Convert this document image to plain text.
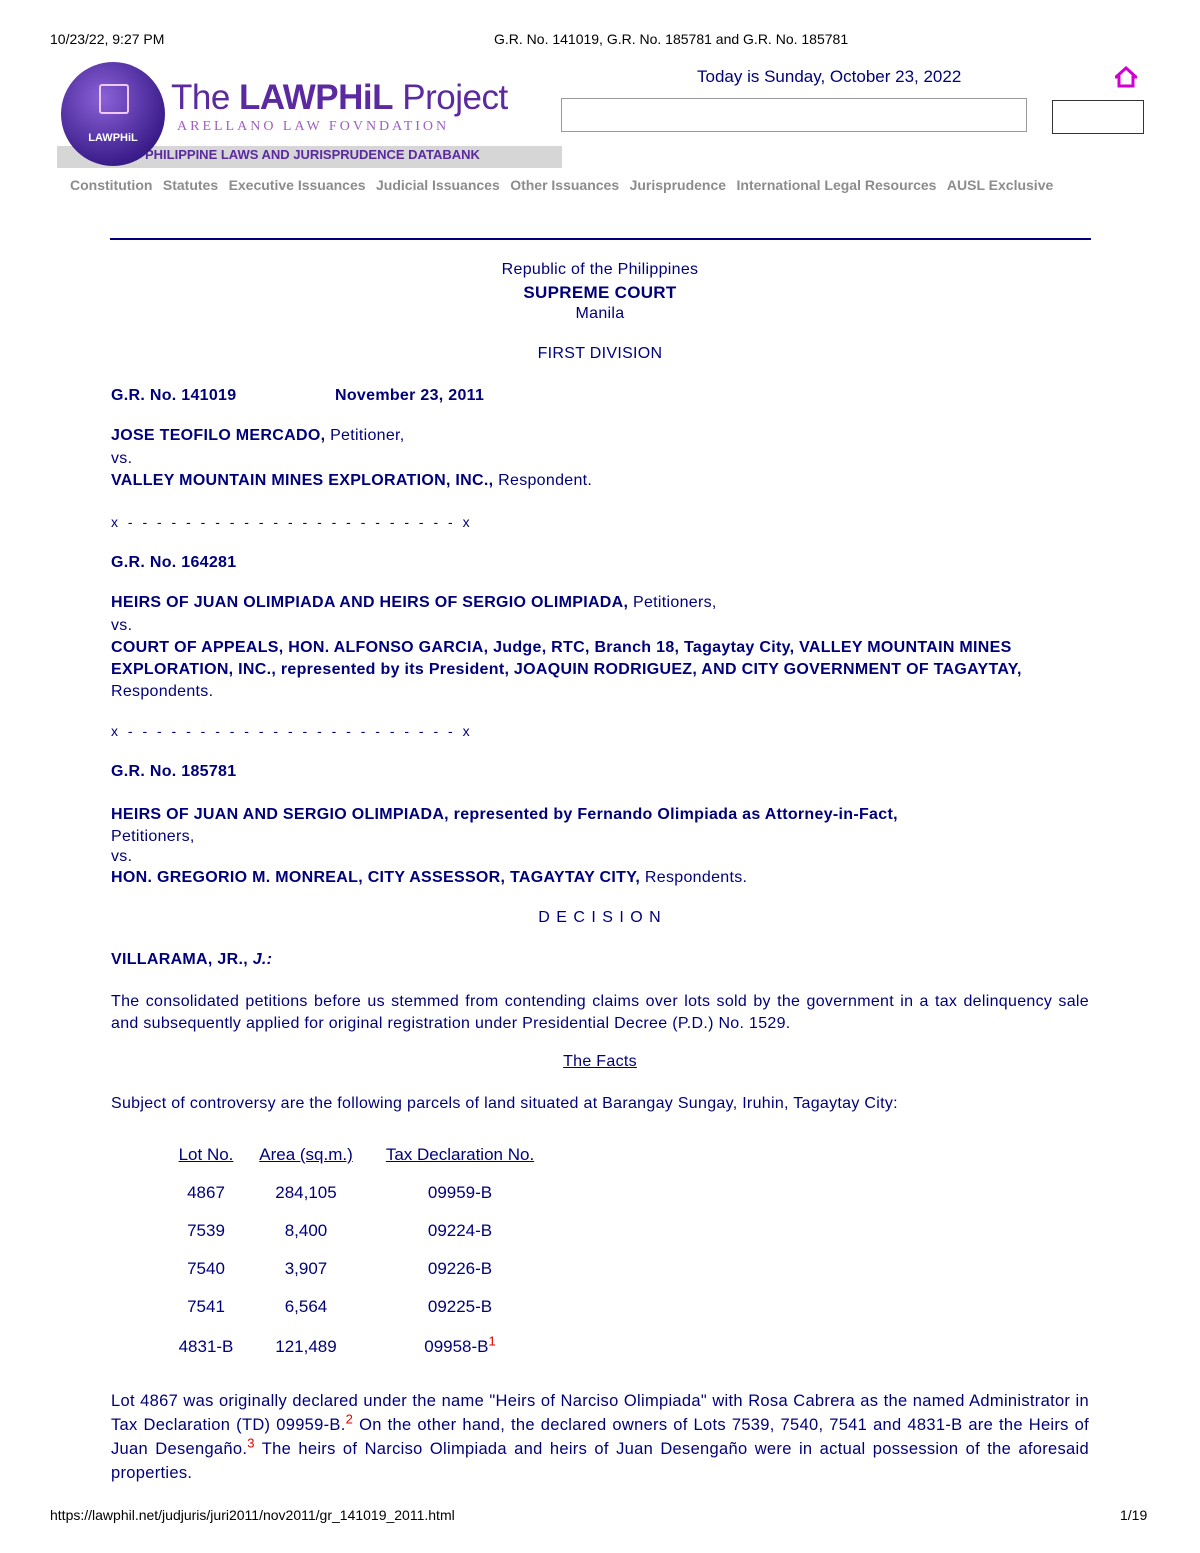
10/23/22, 9:27 PM	G.R. No. 141019, G.R. No. 185781 and G.R. No. 185781
PHILIPPINE LAWS AND JURISPRUDENCE DATABANK
LAWPHiL
The LAWPHiL Project
ARELLANO LAW FOVNDATION
Today is Sunday, October 23, 2022
Constitution Statutes Executive Issuances Judicial Issuances Other Issuances Jurisprudence International Legal Resources AUSL Exclusive
Republic of the Philippines
SUPREME COURT
Manila
FIRST DIVISION
G.R. No. 141019	November 23, 2011
JOSE TEOFILO MERCADO, Petitioner,
vs.
VALLEY MOUNTAIN MINES EXPLORATION, INC., Respondent.
x - - - - - - - - - - - - - - - - - - - - - - - x
G.R. No. 164281
HEIRS OF JUAN OLIMPIADA AND HEIRS OF SERGIO OLIMPIADA, Petitioners,
vs.
COURT OF APPEALS, HON. ALFONSO GARCIA, Judge, RTC, Branch 18, Tagaytay City, VALLEY MOUNTAIN MINES EXPLORATION, INC., represented by its President, JOAQUIN RODRIGUEZ, AND CITY GOVERNMENT OF TAGAYTAY, Respondents.
x - - - - - - - - - - - - - - - - - - - - - - - x
G.R. No. 185781
HEIRS OF JUAN AND SERGIO OLIMPIADA, represented by Fernando Olimpiada as Attorney-in-Fact,
Petitioners,
vs.
HON. GREGORIO M. MONREAL, CITY ASSESSOR, TAGAYTAY CITY, Respondents.
D E C I S I O N
VILLARAMA, JR., J.:
The consolidated petitions before us stemmed from contending claims over lots sold by the government in a tax delinquency sale and subsequently applied for original registration under Presidential Decree (P.D.) No. 1529.
The Facts
Subject of controversy are the following parcels of land situated at Barangay Sungay, Iruhin, Tagaytay City:
Lot No.	Area (sq.m.)	Tax Declaration No.
4867	284,105	09959-B
7539	8,400	09224-B
7540	3,907	09226-B
7541	6,564	09225-B
4831-B	121,489	09958-B$^1$
Lot 4867 was originally declared under the name "Heirs of Narciso Olimpiada" with Rosa Cabrera as the named Administrator in Tax Declaration (TD) 09959-B.$^2$ On the other hand, the declared owners of Lots 7539, 7540, 7541 and 4831-B are the Heirs of Juan Desengaño.$^3$ The heirs of Narciso Olimpiada and heirs of Juan Desengaño were in actual possession of the aforesaid properties.
https://lawphil.net/judjuris/juri2011/nov2011/gr_141019_2011.html	1/19
